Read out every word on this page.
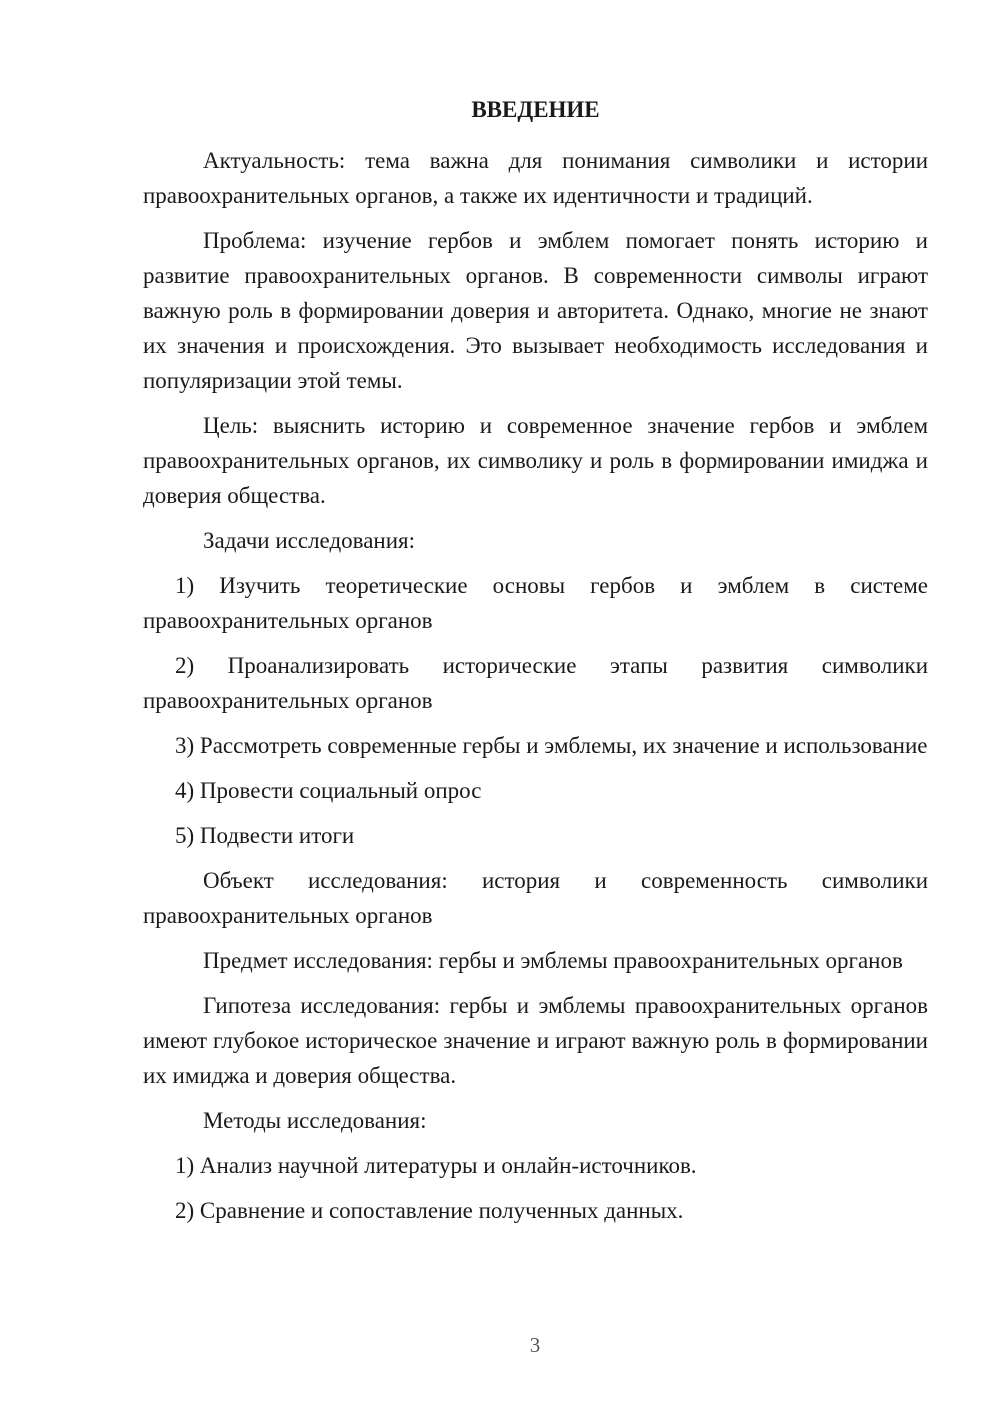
ВВЕДЕНИЕ

Актуальность: тема важна для понимания символики и истории правоохранительных органов, а также их идентичности и традиций.

Проблема: изучение гербов и эмблем помогает понять историю и развитие правоохранительных органов. В современности символы играют важную роль в формировании доверия и авторитета. Однако, многие не знают их значения и происхождения. Это вызывает необходимость исследования и популяризации этой темы.

Цель: выяснить историю и современное значение гербов и эмблем правоохранительных органов, их символику и роль в формировании имиджа и доверия общества.

Задачи исследования:

1) Изучить теоретические основы гербов и эмблем в системе правоохранительных органов

2) Проанализировать исторические этапы развития символики правоохранительных органов

3) Рассмотреть современные гербы и эмблемы, их значение и использование

4) Провести социальный опрос

5) Подвести итоги

Объект исследования: история и современность символики правоохранительных органов

Предмет исследования: гербы и эмблемы правоохранительных органов

Гипотеза исследования: гербы и эмблемы правоохранительных органов имеют глубокое историческое значение и играют важную роль в формировании их имиджа и доверия общества.

Методы исследования:

1) Анализ научной литературы и онлайн-источников.

2) Сравнение и сопоставление полученных данных.

3
